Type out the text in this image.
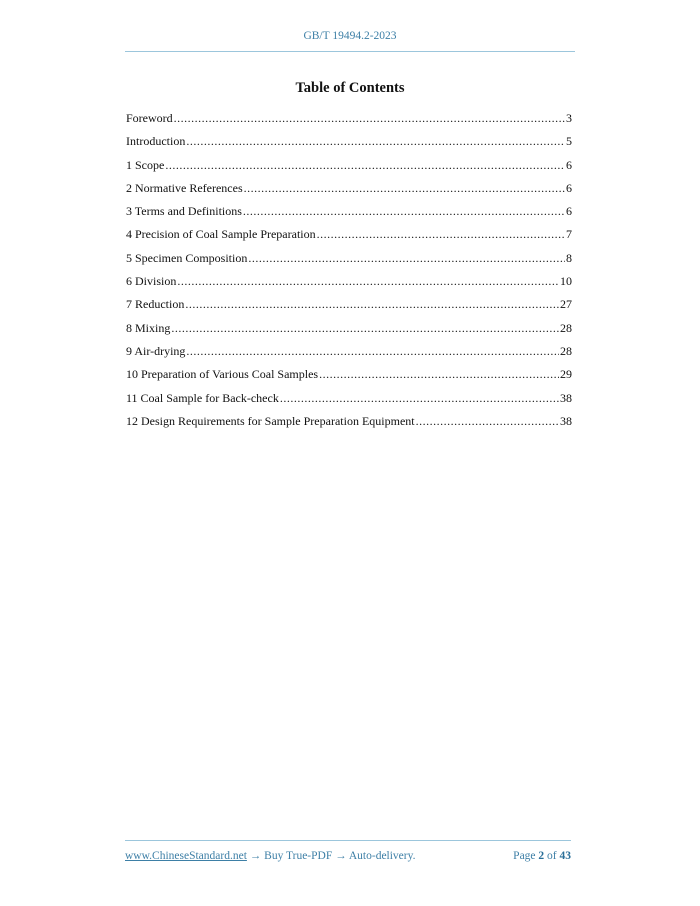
GB/T 19494.2-2023
Table of Contents
Foreword .....	3
Introduction .....	5
1 Scope .....	6
2 Normative References .....	6
3 Terms and Definitions .....	6
4 Precision of Coal Sample Preparation .....	7
5 Specimen Composition .....	8
6 Division .....	10
7 Reduction .....	27
8 Mixing .....	28
9 Air-drying .....	28
10 Preparation of Various Coal Samples .....	29
11 Coal Sample for Back-check .....	38
12 Design Requirements for Sample Preparation Equipment .....	38
www.ChineseStandard.net → Buy True-PDF → Auto-delivery.	Page 2 of 43
